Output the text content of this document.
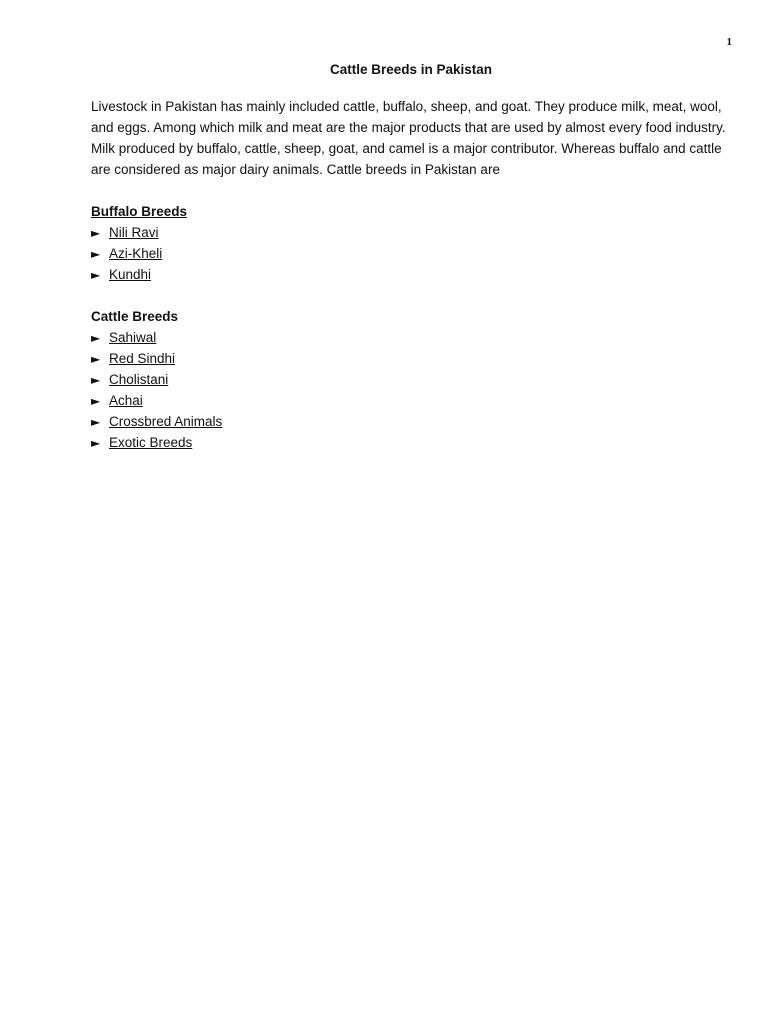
1
Cattle Breeds in Pakistan

Livestock in Pakistan has mainly included cattle, buffalo, sheep, and goat. They produce milk, meat, wool, and eggs. Among which milk and meat are the major products that are used by almost every food industry. Milk produced by buffalo, cattle, sheep, goat, and camel is a major contributor. Whereas buffalo and cattle are considered as major dairy animals. Cattle breeds in Pakistan are

Buffalo Breeds
► Nili Ravi
► Azi-Kheli
► Kundhi
Cattle Breeds
► Sahiwal
► Red Sindhi
► Cholistani
► Achai
► Crossbred Animals
► Exotic Breeds
